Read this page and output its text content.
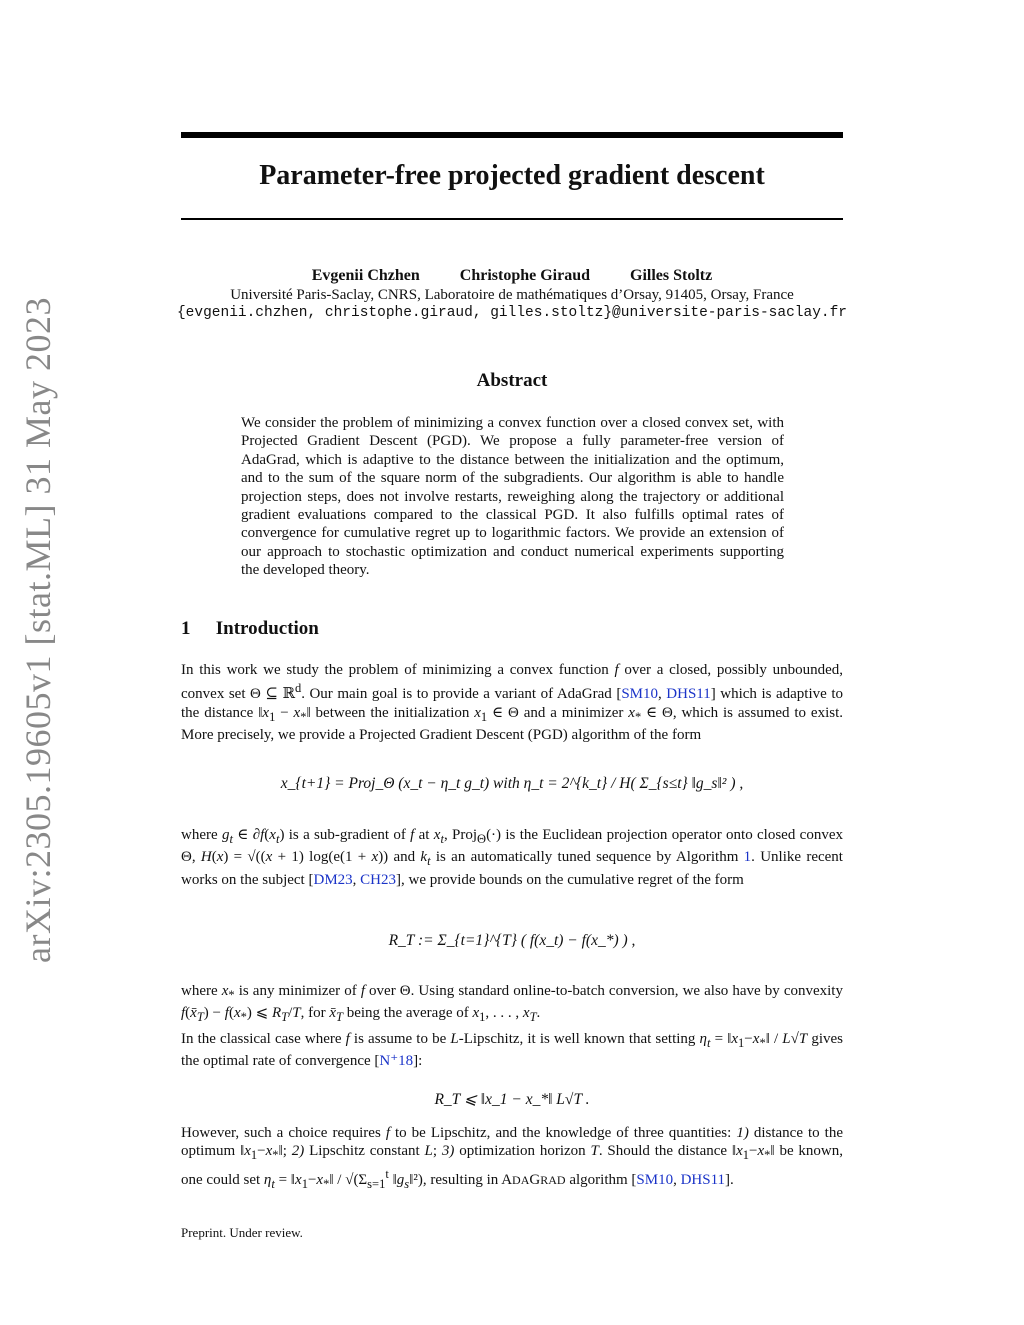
arXiv:2305.19605v1 [stat.ML] 31 May 2023
Parameter-free projected gradient descent
Evgenii Chzhen	Christophe Giraud	Gilles Stoltz
Université Paris-Saclay, CNRS, Laboratoire de mathématiques d’Orsay, 91405, Orsay, France
{evgenii.chzhen, christophe.giraud, gilles.stoltz}@universite-paris-saclay.fr
Abstract
We consider the problem of minimizing a convex function over a closed convex set, with Projected Gradient Descent (PGD). We propose a fully parameter-free version of AdaGrad, which is adaptive to the distance between the initialization and the optimum, and to the sum of the square norm of the subgradients. Our algorithm is able to handle projection steps, does not involve restarts, reweighing along the trajectory or additional gradient evaluations compared to the classical PGD. It also fulfills optimal rates of convergence for cumulative regret up to logarithmic factors. We provide an extension of our approach to stochastic optimization and conduct numerical experiments supporting the developed theory.
1 Introduction
In this work we study the problem of minimizing a convex function f over a closed, possibly unbounded, convex set Θ ⊆ ℝ$^d$. Our main goal is to provide a variant of AdaGrad [SM10, DHS11] which is adaptive to the distance $‖x_1$ − $x_*‖$ between the initialization $x_1$ ∈ Θ and a minimizer $x_*$ ∈ Θ, which is assumed to exist. More precisely, we provide a Projected Gradient Descent (PGD) algorithm of the form
x_{t+1} = Proj_Θ (x_t − η_t g_t) with η_t = 2^{k_t} / H( Σ_{s≤t} ‖g_s‖² ) ,
where $g_t$ ∈ $\partial f(x_t)$ is a sub-gradient of f at $x_t$, Proj$_\Theta$(·) is the Euclidean projection operator onto closed convex Θ, H(x) = √((x + 1) log(e(1 + x)) and $k_t$ is an automatically tuned sequence by Algorithm 1. Unlike recent works on the subject [DM23, CH23], we provide bounds on the cumulative regret of the form
R_T := Σ_{t=1}^{T} ( f(x_t) − f(x_*) ) ,
where $x_*$ is any minimizer of f over Θ. Using standard online-to-batch conversion, we also have by convexity $f(x̄_T) - f(x_*)$ ⩽ $R_T/T$, for $x̄_T$ being the average of $x_1$, . . . , $x_T$.
In the classical case where f is assume to be L-Lipschitz, it is well known that setting $\eta_t$ = $‖x_1-x_*‖ / L√T$ gives the optimal rate of convergence [N⁺18]:
R_T ⩽ ‖x_1 − x_*‖ L√T .
However, such a choice requires f to be Lipschitz, and the knowledge of three quantities: 1) distance to the optimum $‖x_1-x_*‖$; 2) Lipschitz constant L; 3) optimization horizon T. Should the distance $‖x_1-x_*‖$ be known, one could set $\eta_t$ = $‖x_1-x_*‖ / √(\Sigma_{s=1}^t$ $‖g_s‖^2$), resulting in ADAGRAD algorithm [SM10, DHS11].
Preprint. Under review.
